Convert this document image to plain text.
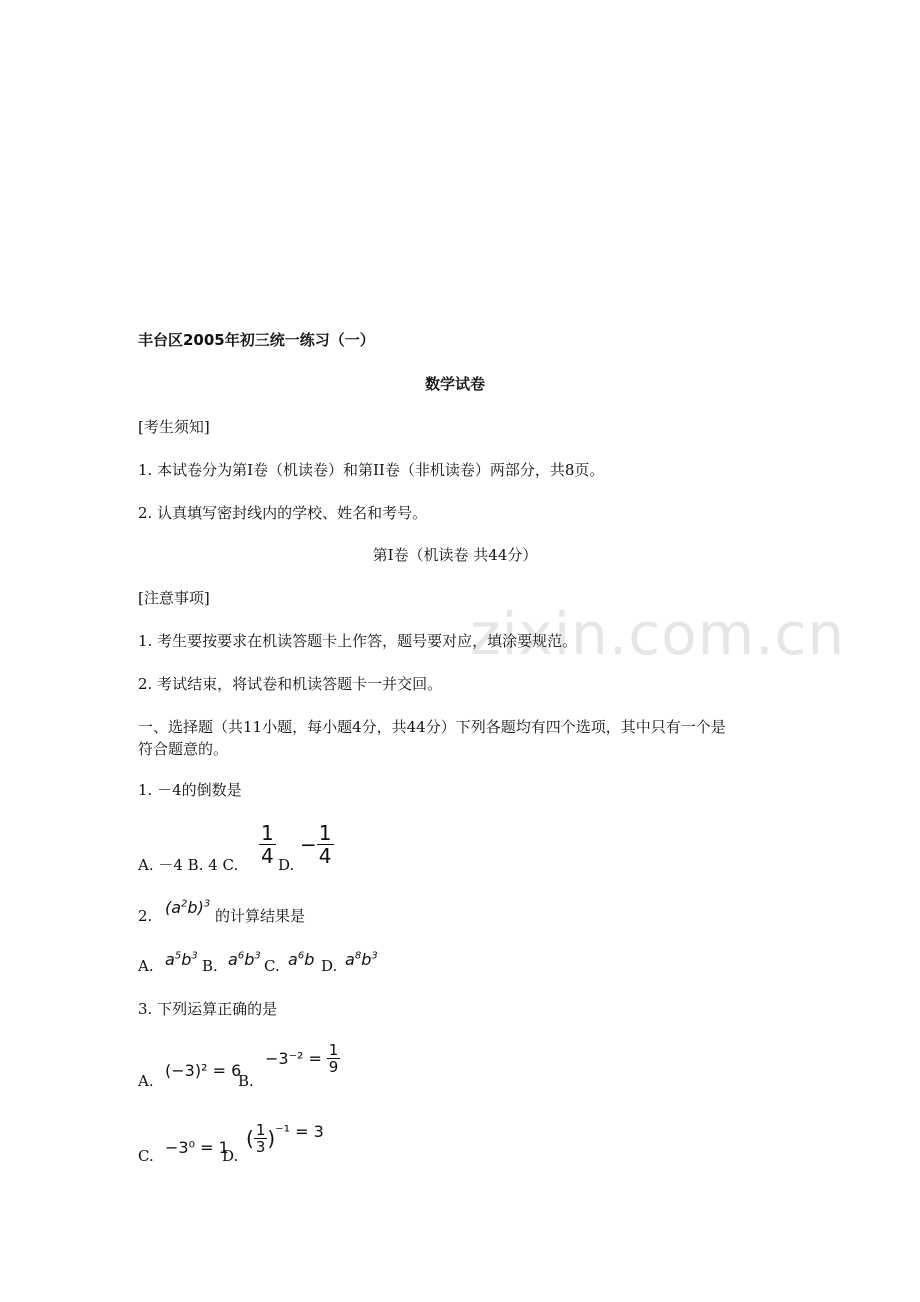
zixin.com.cn
丰台区2005年初三统一练习（一）
数学试卷
[考生须知]
1. 本试卷分为第I卷（机读卷）和第II卷（非机读卷）两部分，共8页。
2. 认真填写密封线内的学校、姓名和考号。
第I卷（机读卷 共44分）
[注意事项]
1. 考生要按要求在机读答题卡上作答，题号要对应，填涂要规范。
2. 考试结束，将试卷和机读答题卡一并交回。
一、选择题（共11小题，每小题4分，共44分）下列各题均有四个选项，其中只有一个是
符合题意的。
1. －4的倒数是
A. －4 B. 4 C. $\frac{1}{4} D$.
− $\frac{1}{4}$
2. $(a^2b)^3$
的计算结果是
A. $a^5b^3$
B. $a^6b^3$
C. $a^6b$ D. $a^8b^3$
3. 下列运算正确的是
A.
(−3)² = 6
B.
$-3^{-2} = \frac{1}{9}$
C. −3⁰ = 1
D.
( $\frac{1}{3} )^{-1} = 3$
